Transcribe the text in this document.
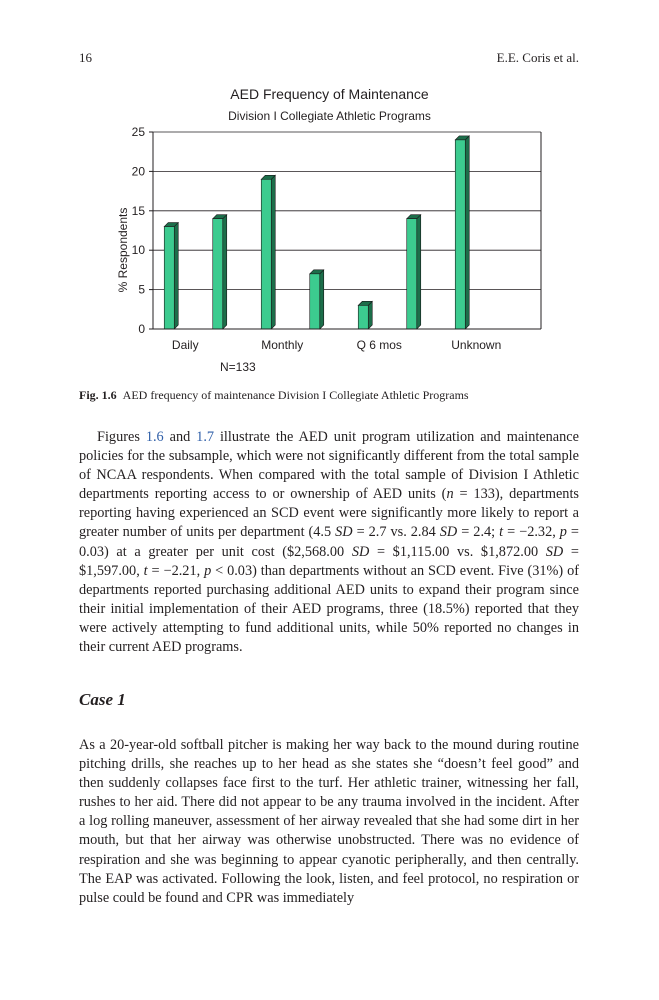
16	E.E. Coris et al.
AED Frequency of Maintenance
Division I Collegiate Athletic Programs
0
5
10
15
20
25
Daily	Monthly	Q 6 mos	Unknown
% Respondents
N=133
Fig. 1.6 AED frequency of maintenance Division I Collegiate Athletic Programs
Figures 1.6 and 1.7 illustrate the AED unit program utilization and maintenance policies for the subsample, which were not significantly different from the total sample of NCAA respondents. When compared with the total sample of Division I Athletic departments reporting access to or ownership of AED units (n = 133), departments reporting having experienced an SCD event were significantly more likely to report a greater number of units per department (4.5 SD = 2.7 vs. 2.84 SD = 2.4; t = −2.32, p = 0.03) at a greater per unit cost ($2,568.00 SD = $1,115.00 vs. $1,872.00 SD = $1,597.00, t = −2.21, p < 0.03) than departments without an SCD event. Five (31%) of departments reported purchasing additional AED units to expand their program since their initial implementation of their AED programs, three (18.5%) reported that they were actively attempting to fund additional units, while 50% reported no changes in their current AED programs.
Case 1
As a 20-year-old softball pitcher is making her way back to the mound during routine pitching drills, she reaches up to her head as she states she “doesn’t feel good” and then suddenly collapses face first to the turf. Her athletic trainer, witnessing her fall, rushes to her aid. There did not appear to be any trauma involved in the incident. After a log rolling maneuver, assessment of her airway revealed that she had some dirt in her mouth, but that her airway was otherwise unobstructed. There was no evidence of respiration and she was beginning to appear cyanotic peripherally, and then centrally. The EAP was activated. Following the look, listen, and feel protocol, no respiration or pulse could be found and CPR was immediately
